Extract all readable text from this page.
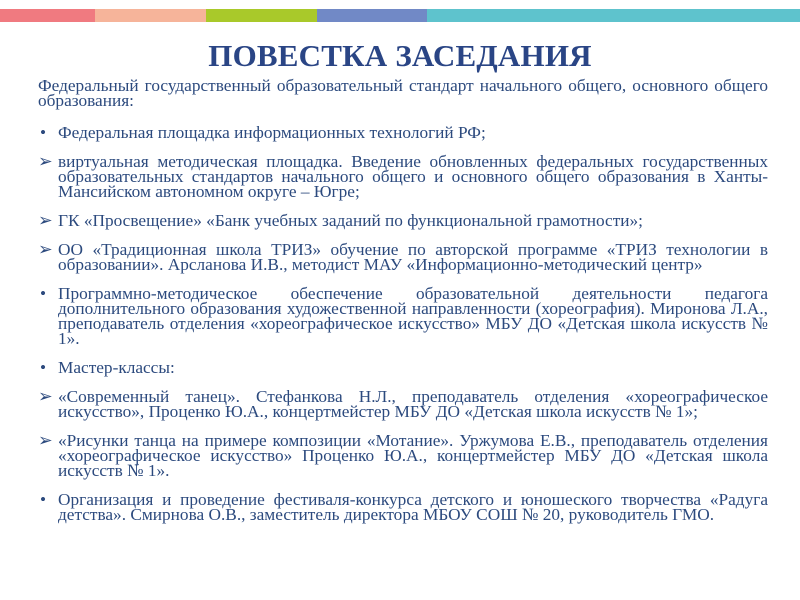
ПОВЕСТКА ЗАСЕДАНИЯ

Федеральный государственный образовательный стандарт начального общего, основного общего образования:

• Федеральная площадка информационных технологий РФ;
➢ виртуальная методическая площадка. Введение обновленных федеральных государственных образовательных стандартов начального общего и основного общего образования в Ханты-Мансийском автономном округе – Югре;
➢ ГК «Просвещение» «Банк учебных заданий по функциональной грамотности»;
➢ ОО «Традиционная школа ТРИЗ» обучение по авторской программе «ТРИЗ технологии в образовании». Арсланова И.В., методист МАУ «Информационно-методический центр»
• Программно-методическое обеспечение образовательной деятельности педагога дополнительного образования художественной направленности (хореография). Миронова Л.А., преподаватель отделения «хореографическое искусство» МБУ ДО «Детская школа искусств № 1».
• Мастер-классы:
➢ «Современный танец». Стефанкова Н.Л., преподаватель отделения «хореографическое искусство», Проценко Ю.А., концертмейстер МБУ ДО «Детская школа искусств № 1»;
➢ «Рисунки танца на примере композиции «Мотание». Уржумова Е.В., преподаватель отделения «хореографическое искусство» Проценко Ю.А., концертмейстер МБУ ДО «Детская школа искусств № 1».
• Организация и проведение фестиваля-конкурса детского и юношеского творчества «Радуга детства». Смирнова О.В., заместитель директора МБОУ СОШ № 20, руководитель ГМО.
